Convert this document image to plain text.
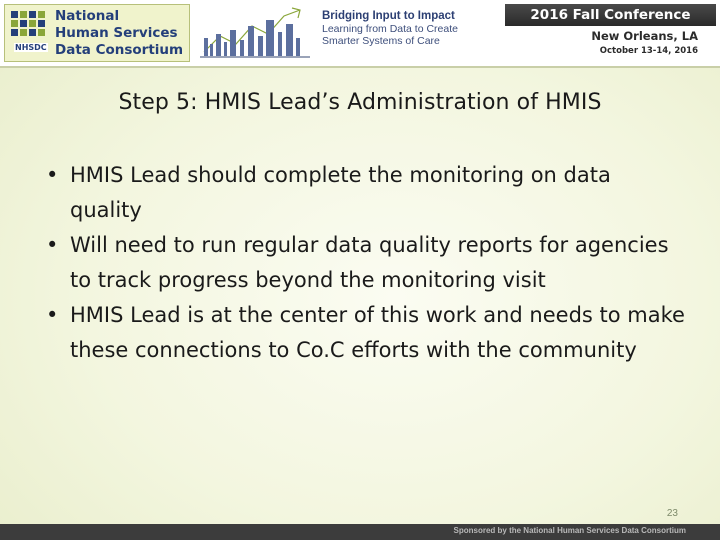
NHSDC
National
Human Services
Data Consortium
Bridging Input to Impact
Learning from Data to Create
Smarter Systems of Care
2016 Fall Conference
New Orleans, LA
October 13-14, 2016
Step 5: HMIS Lead’s Administration of HMIS
• HMIS Lead should complete the monitoring on data quality
• Will need to run regular data quality reports for agencies to track progress beyond the monitoring visit
• HMIS Lead is at the center of this work and needs to make these connections to Co.C efforts with the community
23
Sponsored by the National Human Services Data Consortium
